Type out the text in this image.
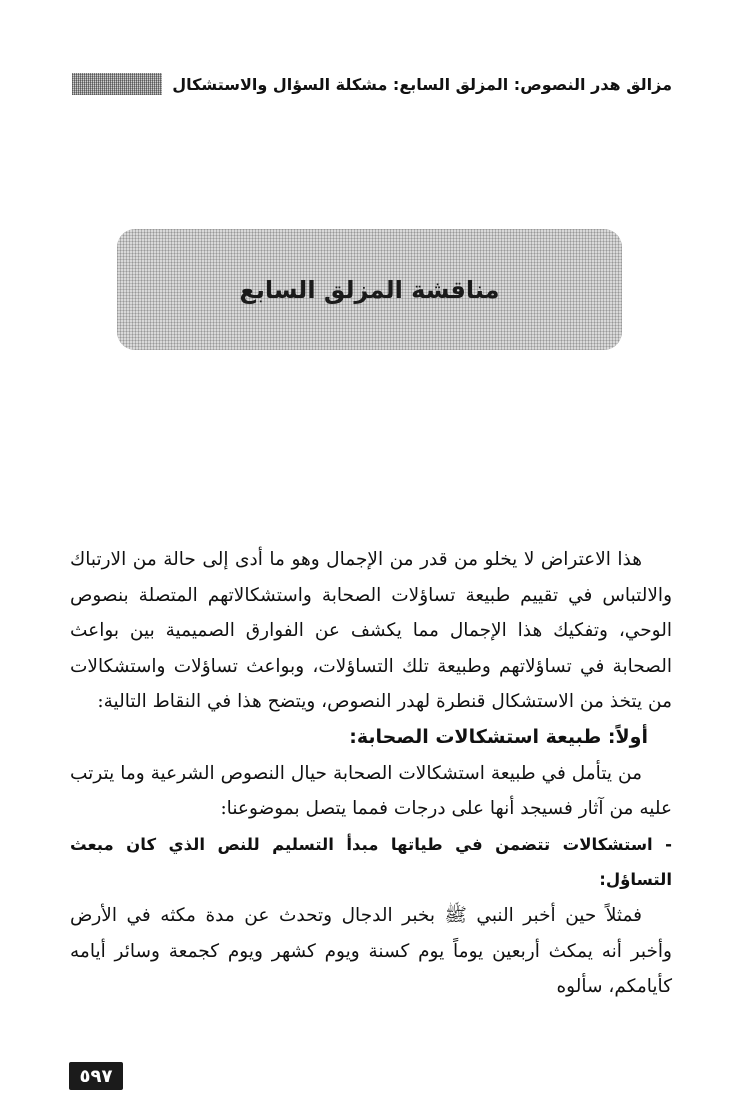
مزالق هدر النصوص: المزلق السابع: مشكلة السؤال والاستشكال
مناقشة المزلق السابع

هذا الاعتراض لا يخلو من قدر من الإجمال وهو ما أدى إلى حالة من الارتباك والالتباس في تقييم طبيعة تساؤلات الصحابة واستشكالاتهم المتصلة بنصوص الوحي، وتفكيك هذا الإجمال مما يكشف عن الفوارق الصميمية بين بواعث الصحابة في تساؤلاتهم وطبيعة تلك التساؤلات، وبواعث تساؤلات واستشكالات من يتخذ من الاستشكال قنطرة لهدر النصوص، ويتضح هذا في النقاط التالية:

أولاً: طبيعة استشكالات الصحابة:

من يتأمل في طبيعة استشكالات الصحابة حيال النصوص الشرعية وما يترتب عليه من آثار فسيجد أنها على درجات فمما يتصل بموضوعنا:

- استشكالات تتضمن في طياتها مبدأ التسليم للنص الذي كان مبعث التساؤل:

فمثلاً حين أخبر النبي ﷺ بخبر الدجال وتحدث عن مدة مكثه في الأرض وأخبر أنه يمكث أربعين يوماً يوم كسنة ويوم كشهر ويوم كجمعة وسائر أيامه كأيامكم، سألوه

٥٩٧
